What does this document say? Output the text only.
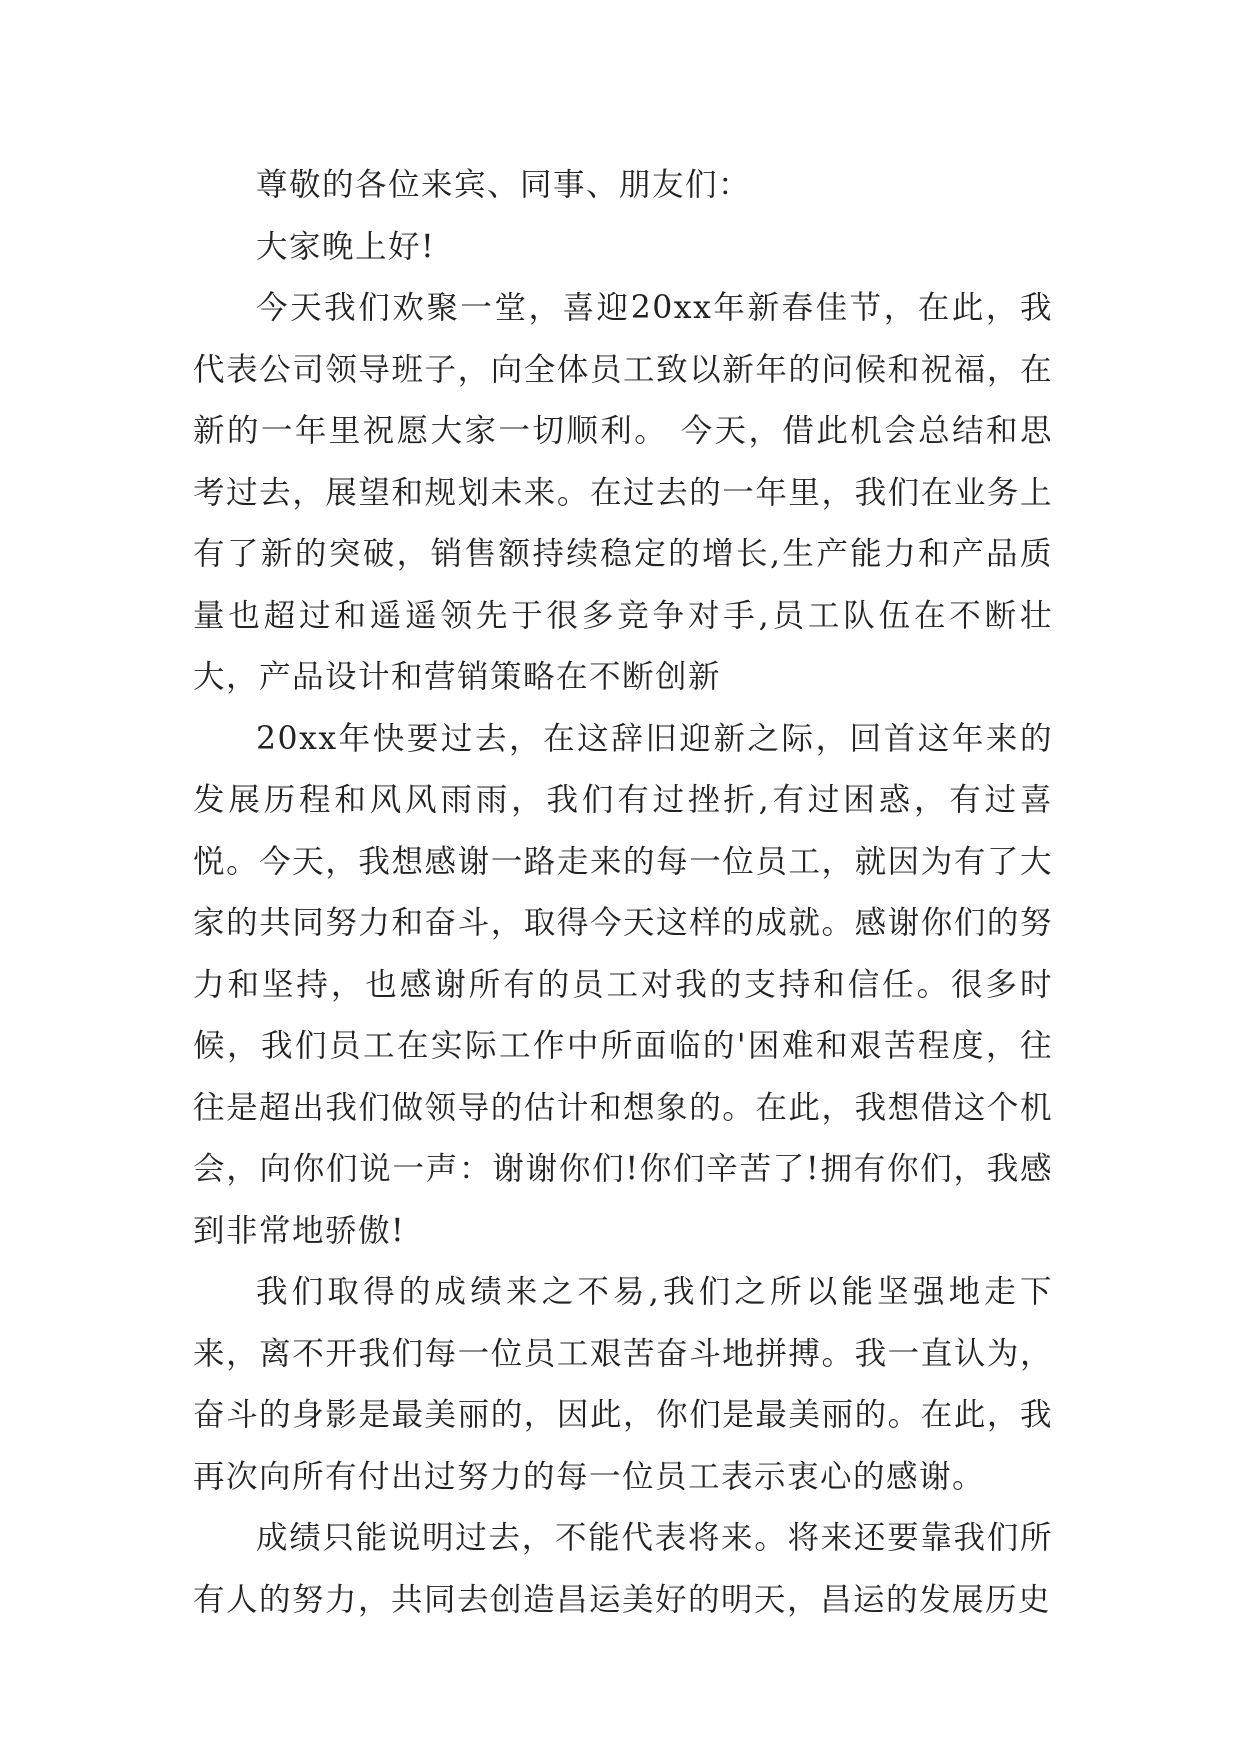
尊敬的各位来宾、同事、朋友们：

大家晚上好!

今天我们欢聚一堂，喜迎20xx年新春佳节，在此，我代表公司领导班子，向全体员工致以新年的问候和祝福，在新的一年里祝愿大家一切顺利。 今天，借此机会总结和思考过去，展望和规划未来。在过去的一年里，我们在业务上有了新的突破，销售额持续稳定的增长,生产能力和产品质量也超过和遥遥领先于很多竞争对手,员工队伍在不断壮大，产品设计和营销策略在不断创新

20xx年快要过去，在这辞旧迎新之际，回首这年来的发展历程和风风雨雨，我们有过挫折,有过困惑，有过喜悦。今天，我想感谢一路走来的每一位员工，就因为有了大家的共同努力和奋斗，取得今天这样的成就。感谢你们的努力和坚持，也感谢所有的员工对我的支持和信任。很多时候，我们员工在实际工作中所面临的'困难和艰苦程度，往往是超出我们做领导的估计和想象的。在此，我想借这个机会，向你们说一声：谢谢你们!你们辛苦了!拥有你们，我感到非常地骄傲!

我们取得的成绩来之不易,我们之所以能坚强地走下来，离不开我们每一位员工艰苦奋斗地拼搏。我一直认为，奋斗的身影是最美丽的，因此，你们是最美丽的。在此，我再次向所有付出过努力的每一位员工表示衷心的感谢。

成绩只能说明过去，不能代表将来。将来还要靠我们所有人的努力，共同去创造昌运美好的明天，昌运的发展历史
